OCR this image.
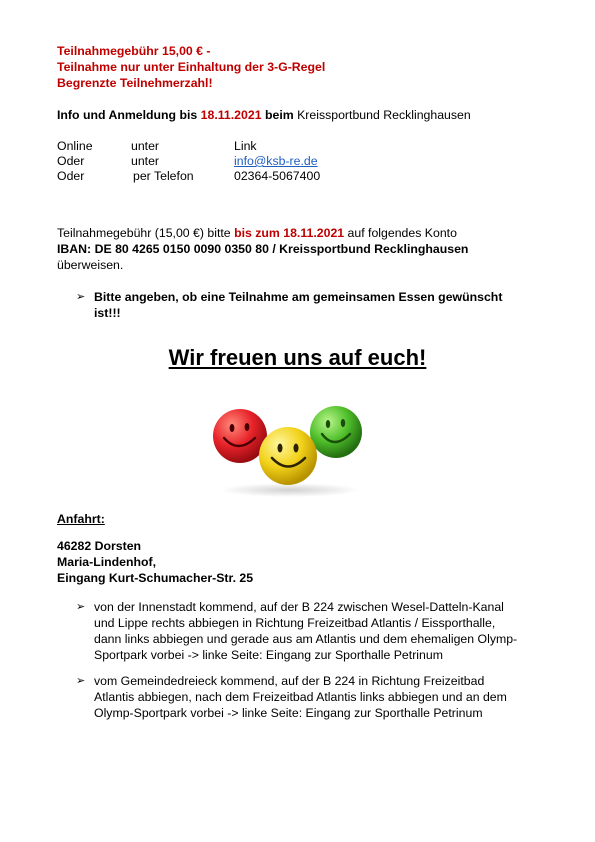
Teilnahmegebühr 15,00 € -
Teilnahme nur unter Einhaltung der 3-G-Regel
Begrenzte Teilnehmerzahl!
Info und Anmeldung bis 18.11.2021 beim Kreissportbund Recklinghausen
Online	unter	Link
Oder	unter	info@ksb-re.de
Oder	per Telefon	02364-5067400
Teilnahmegebühr (15,00 €) bitte bis zum 18.11.2021 auf folgendes Konto
IBAN: DE 80 4265 0150 0090 0350 80 / Kreissportbund Recklinghausen
überweisen.
➢ Bitte angeben, ob eine Teilnahme am gemeinsamen Essen gewünscht
ist!!!
Wir freuen uns auf euch!
Anfahrt:
46282 Dorsten
Maria-Lindenhof,
Eingang Kurt-Schumacher-Str. 25
➢ von der Innenstadt kommend, auf der B 224 zwischen Wesel-Datteln-Kanal
und Lippe rechts abbiegen in Richtung Freizeitbad Atlantis / Eissporthalle,
dann links abbiegen und gerade aus am Atlantis und dem ehemaligen Olymp-
Sportpark vorbei -> linke Seite: Eingang zur Sporthalle Petrinum
➢ vom Gemeindedreieck kommend, auf der B 224 in Richtung Freizeitbad
Atlantis abbiegen, nach dem Freizeitbad Atlantis links abbiegen und an dem
Olymp-Sportpark vorbei -> linke Seite: Eingang zur Sporthalle Petrinum
